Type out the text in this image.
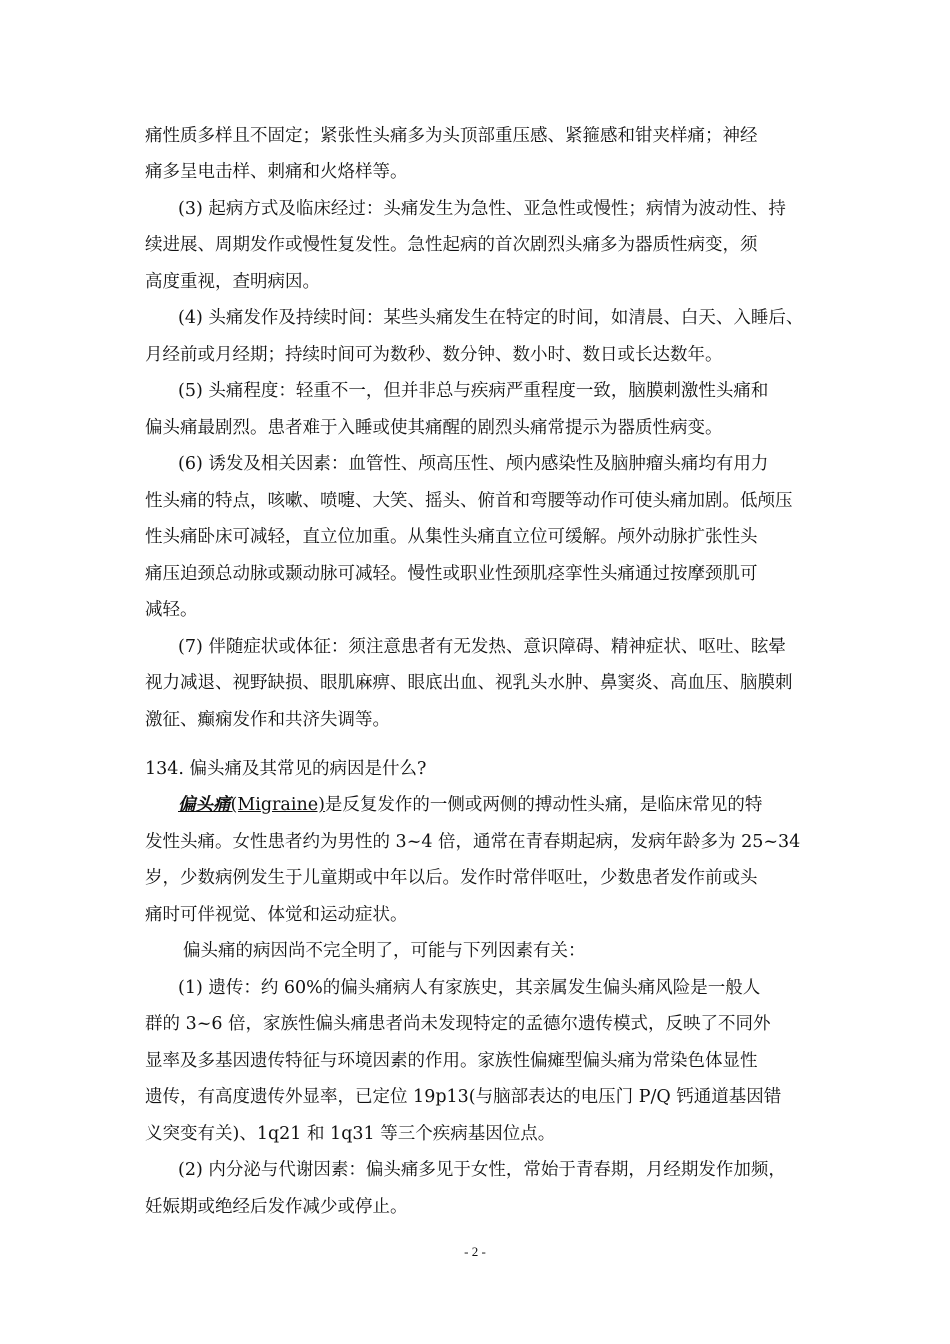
痛性质多样且不固定；紧张性头痛多为头顶部重压感、紧箍感和钳夹样痛；神经
痛多呈电击样、刺痛和火烙样等。
(3) 起病方式及临床经过：头痛发生为急性、亚急性或慢性；病情为波动性、持
续进展、周期发作或慢性复发性。急性起病的首次剧烈头痛多为器质性病变，须
高度重视，查明病因。
(4) 头痛发作及持续时间：某些头痛发生在特定的时间，如清晨、白天、入睡后、
月经前或月经期；持续时间可为数秒、数分钟、数小时、数日或长达数年。
(5) 头痛程度：轻重不一，但并非总与疾病严重程度一致，脑膜刺激性头痛和
偏头痛最剧烈。患者难于入睡或使其痛醒的剧烈头痛常提示为器质性病变。
(6) 诱发及相关因素：血管性、颅高压性、颅内感染性及脑肿瘤头痛均有用力
性头痛的特点，咳嗽、喷嚏、大笑、摇头、俯首和弯腰等动作可使头痛加剧。低颅压
性头痛卧床可减轻，直立位加重。从集性头痛直立位可缓解。颅外动脉扩张性头
痛压迫颈总动脉或颞动脉可减轻。慢性或职业性颈肌痉挛性头痛通过按摩颈肌可
减轻。
(7) 伴随症状或体征：须注意患者有无发热、意识障碍、精神症状、呕吐、眩晕
视力减退、视野缺损、眼肌麻痹、眼底出血、视乳头水肿、鼻窦炎、高血压、脑膜刺
激征、癫痫发作和共济失调等。
134. 偏头痛及其常见的病因是什么?
偏头痛(Migraine)是反复发作的一侧或两侧的搏动性头痛，是临床常见的特
发性头痛。女性患者约为男性的 3~4 倍，通常在青春期起病，发病年龄多为 25~34
岁，少数病例发生于儿童期或中年以后。发作时常伴呕吐，少数患者发作前或头
痛时可伴视觉、体觉和运动症状。
偏头痛的病因尚不完全明了，可能与下列因素有关：
(1) 遗传：约 60%的偏头痛病人有家族史，其亲属发生偏头痛风险是一般人
群的 3~6 倍，家族性偏头痛患者尚未发现特定的孟德尔遗传模式，反映了不同外
显率及多基因遗传特征与环境因素的作用。家族性偏瘫型偏头痛为常染色体显性
遗传，有高度遗传外显率，已定位 19p13(与脑部表达的电压门 P/Q 钙通道基因错
义突变有关)、1q21 和 1q31 等三个疾病基因位点。
(2) 内分泌与代谢因素：偏头痛多见于女性，常始于青春期，月经期发作加频，
妊娠期或绝经后发作减少或停止。
- 2 -
